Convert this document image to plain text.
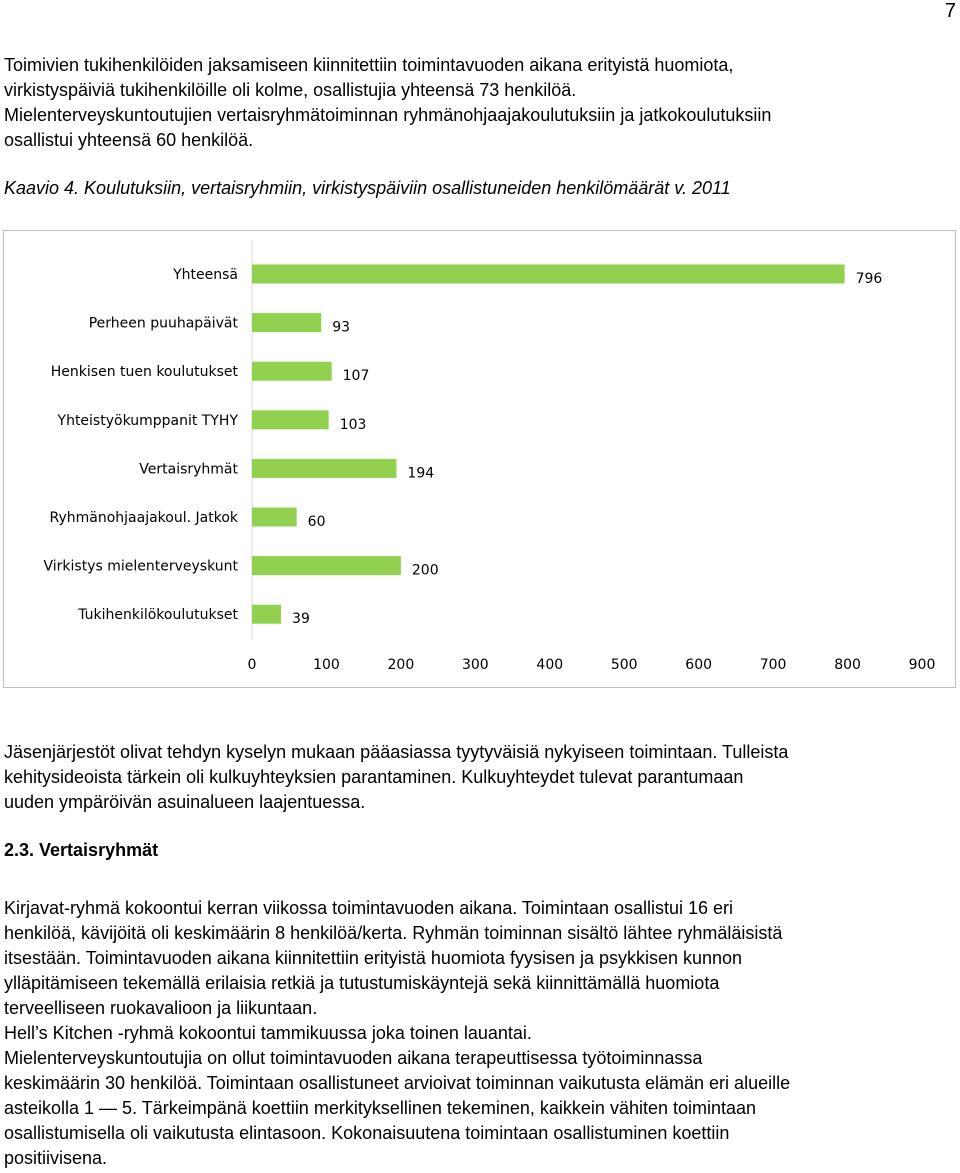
7
Toimivien tukihenkilöiden jaksamiseen kiinnitettiin toimintavuoden aikana erityistä huomiota,
virkistyspäiviä tukihenkilöille oli kolme, osallistujia yhteensä 73 henkilöä.
Mielenterveyskuntoutujien vertaisryhmätoiminnan ryhmänohjaajakoulutuksiin ja jatkokoulutuksiin
osallistui yhteensä 60 henkilöä.

Kaavio 4. Koulutuksiin, vertaisryhmiin, virkistyspäiviin osallistuneiden henkilömäärät v. 2011

Yhteensä	796
Perheen puuhapäivät	93
Henkisen tuen koulutukset	107
Yhteistyökumppanit TYHY	103
Vertaisryhmät	194
Ryhmänohjaajakoul. Jatkok	60
Virkistys mielenterveyskunt	200
Tukihenkilökoulutukset	39
0	100	200	300	400	500	600	700	800	900
Jäsenjärjestöt olivat tehdyn kyselyn mukaan pääasiassa tyytyväisiä nykyiseen toimintaan. Tulleista
kehitysideoista tärkein oli kulkuyhteyksien parantaminen. Kulkuyhteydet tulevat parantumaan
uuden ympäröivän asuinalueen laajentuessa.

2.3. Vertaisryhmät

Kirjavat-ryhmä kokoontui kerran viikossa toimintavuoden aikana. Toimintaan osallistui 16 eri
henkilöä, kävijöitä oli keskimäärin 8 henkilöä/kerta. Ryhmän toiminnan sisältö lähtee ryhmäläisistä
itsestään. Toimintavuoden aikana kiinnitettiin erityistä huomiota fyysisen ja psykkisen kunnon
ylläpitämiseen tekemällä erilaisia retkiä ja tutustumiskäyntejä sekä kiinnittämällä huomiota
terveelliseen ruokavalioon ja liikuntaan.
Hell’s Kitchen -ryhmä kokoontui tammikuussa joka toinen lauantai.
Mielenterveyskuntoutujia on ollut toimintavuoden aikana terapeuttisessa työtoiminnassa
keskimäärin 30 henkilöä. Toimintaan osallistuneet arvioivat toiminnan vaikutusta elämän eri alueille
asteikolla 1 — 5. Tärkeimpänä koettiin merkityksellinen tekeminen, kaikkein vähiten toimintaan
osallistumisella oli vaikutusta elintasoon. Kokonaisuutena toimintaan osallistuminen koettiin
positiivisena.
